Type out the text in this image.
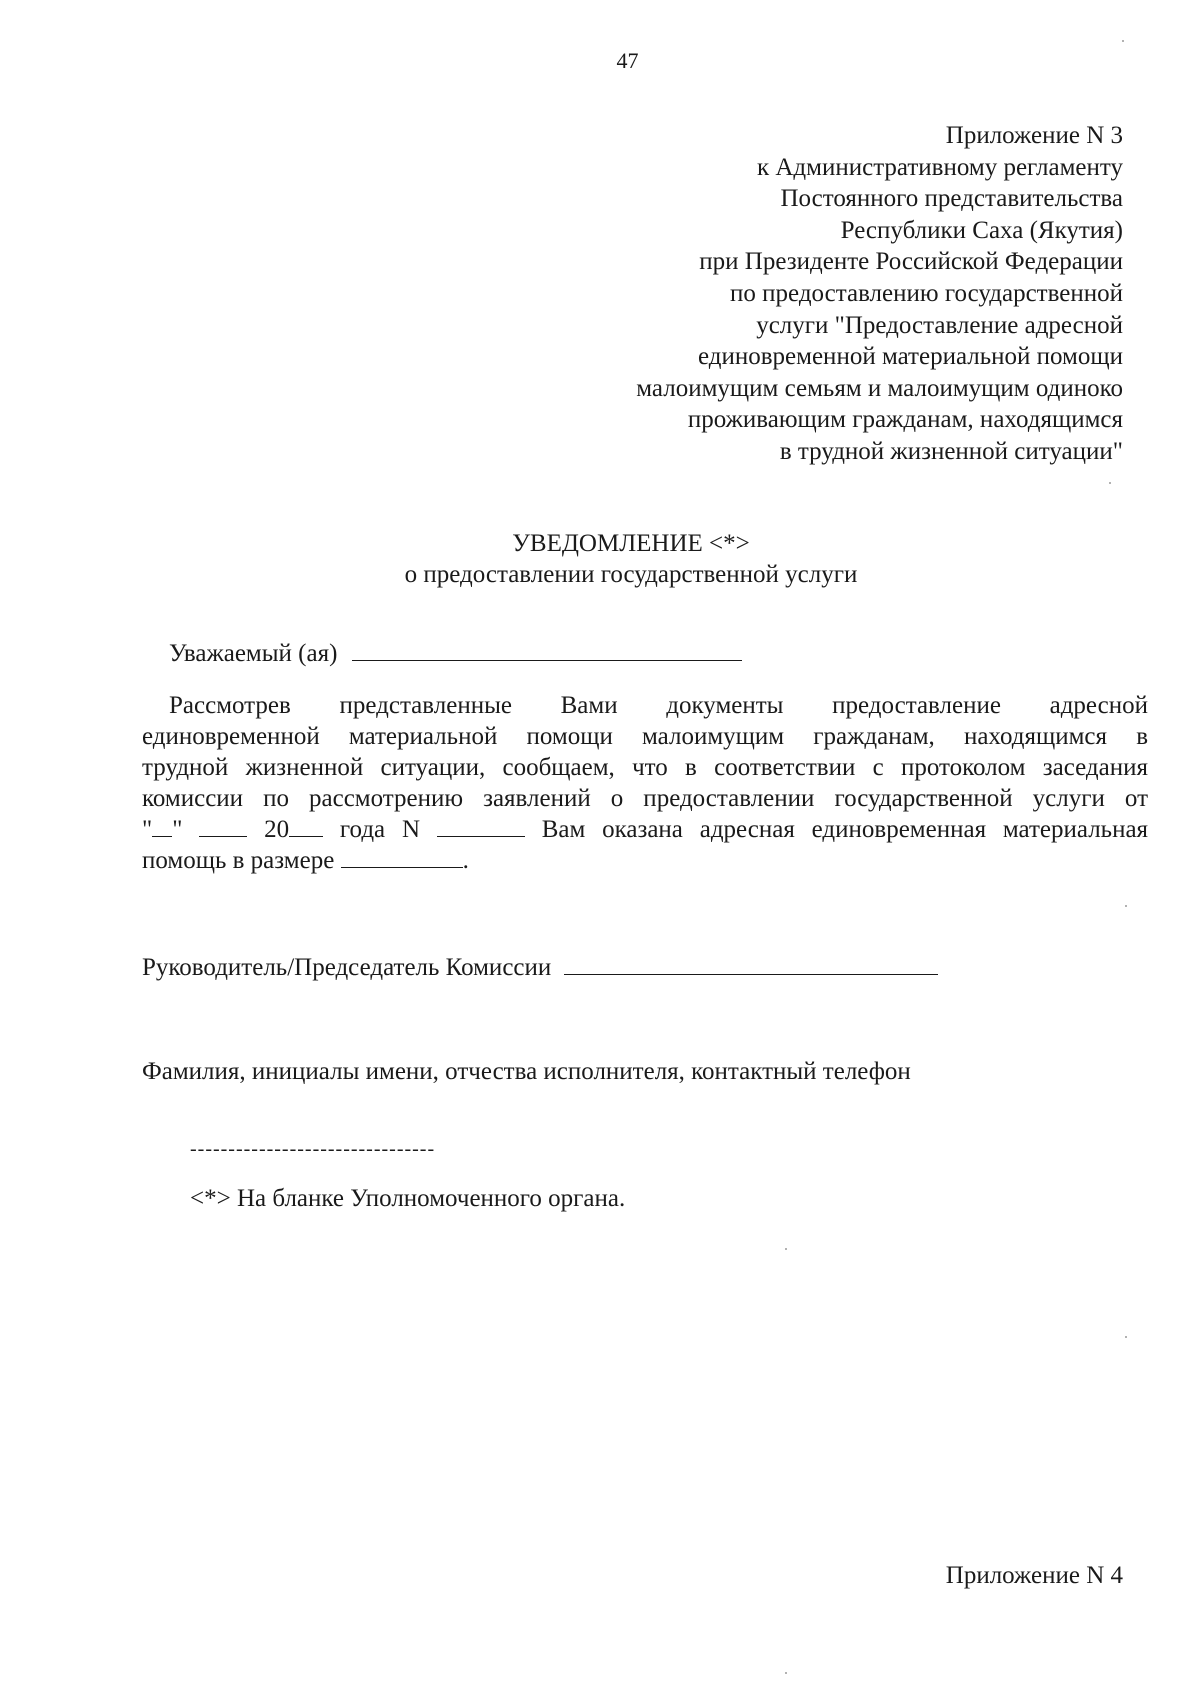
47
Приложение N 3
к Административному регламенту
Постоянного представительства
Республики Саха (Якутия)
при Президенте Российской Федерации
по предоставлению государственной
услуги "Предоставление адресной
единовременной материальной помощи
малоимущим семьям и малоимущим одиноко
проживающим гражданам, находящимся
в трудной жизненной ситуации"
УВЕДОМЛЕНИЕ <*>
о предоставлении государственной услуги
Уважаемый (ая)
Рассмотрев представленные Вами документы предоставление адресной
единовременной материальной помощи малоимущим гражданам, находящимся в
трудной жизненной ситуации, сообщаем, что в соответствии с протоколом заседания
комиссии по рассмотрению заявлений о предоставлении государственной услуги от
" "	20 года N	Вам оказана адресная единовременная материальная
помощь в размере	.
Руководитель/Председатель Комиссии
Фамилия, инициалы имени, отчества исполнителя, контактный телефон
--------------------------------
<*> На бланке Уполномоченного органа.
Приложение N 4
